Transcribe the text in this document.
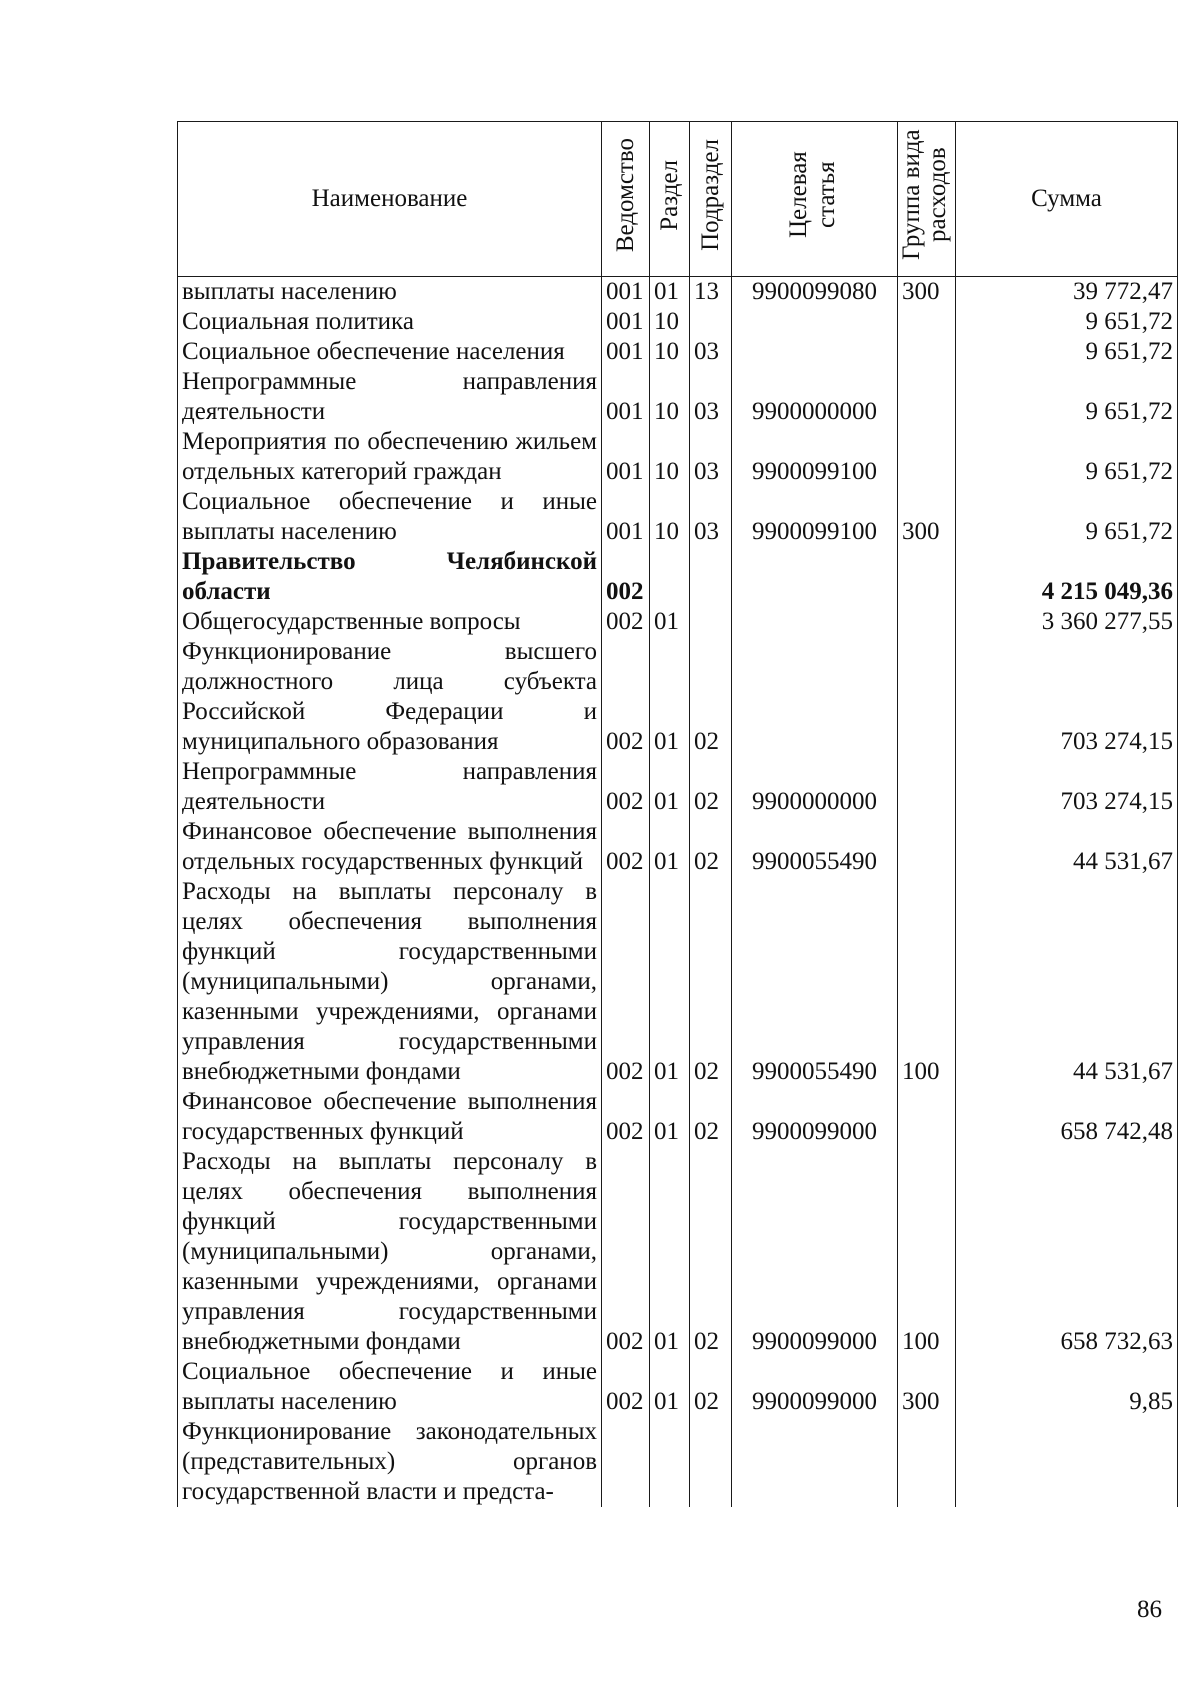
Наименование	Ведомство	Раздел	Подраздел	Целевая статья	Группа вида расходов	Сумма
выплаты населению	001	01	13	9900099080	300	39 772,47
Социальная политика	001	10				9 651,72
Социальное обеспечение населения	001	10	03			9 651,72
Непрограммные направления деятельности	001	10	03	9900000000		9 651,72
Мероприятия по обеспечению жильем отдельных категорий граждан	001	10	03	9900099100		9 651,72
Социальное обеспечение и иные выплаты населению	001	10	03	9900099100	300	9 651,72
Правительство Челябинской области	002					4 215 049,36
Общегосударственные вопросы	002	01				3 360 277,55
Функционирование высшего должностного лица субъекта Российской Федерации и муниципального образования	002	01	02			703 274,15
Непрограммные направления деятельности	002	01	02	9900000000		703 274,15
Финансовое обеспечение выполнения отдельных государственных функций	002	01	02	9900055490		44 531,67
Расходы на выплаты персоналу в целях обеспечения выполнения функций государственными (муниципальными) органами, казенными учреждениями, органами управления государственными внебюджетными фондами	002	01	02	9900055490	100	44 531,67
Финансовое обеспечение выполнения государственных функций	002	01	02	9900099000		658 742,48
Расходы на выплаты персоналу в целях обеспечения выполнения функций государственными (муниципальными) органами, казенными учреждениями, органами управления государственными внебюджетными фондами	002	01	02	9900099000	100	658 732,63
Социальное обеспечение и иные выплаты населению	002	01	02	9900099000	300	9,85
Функционирование законодательных (представительных) органов государственной власти и предста-						
86
